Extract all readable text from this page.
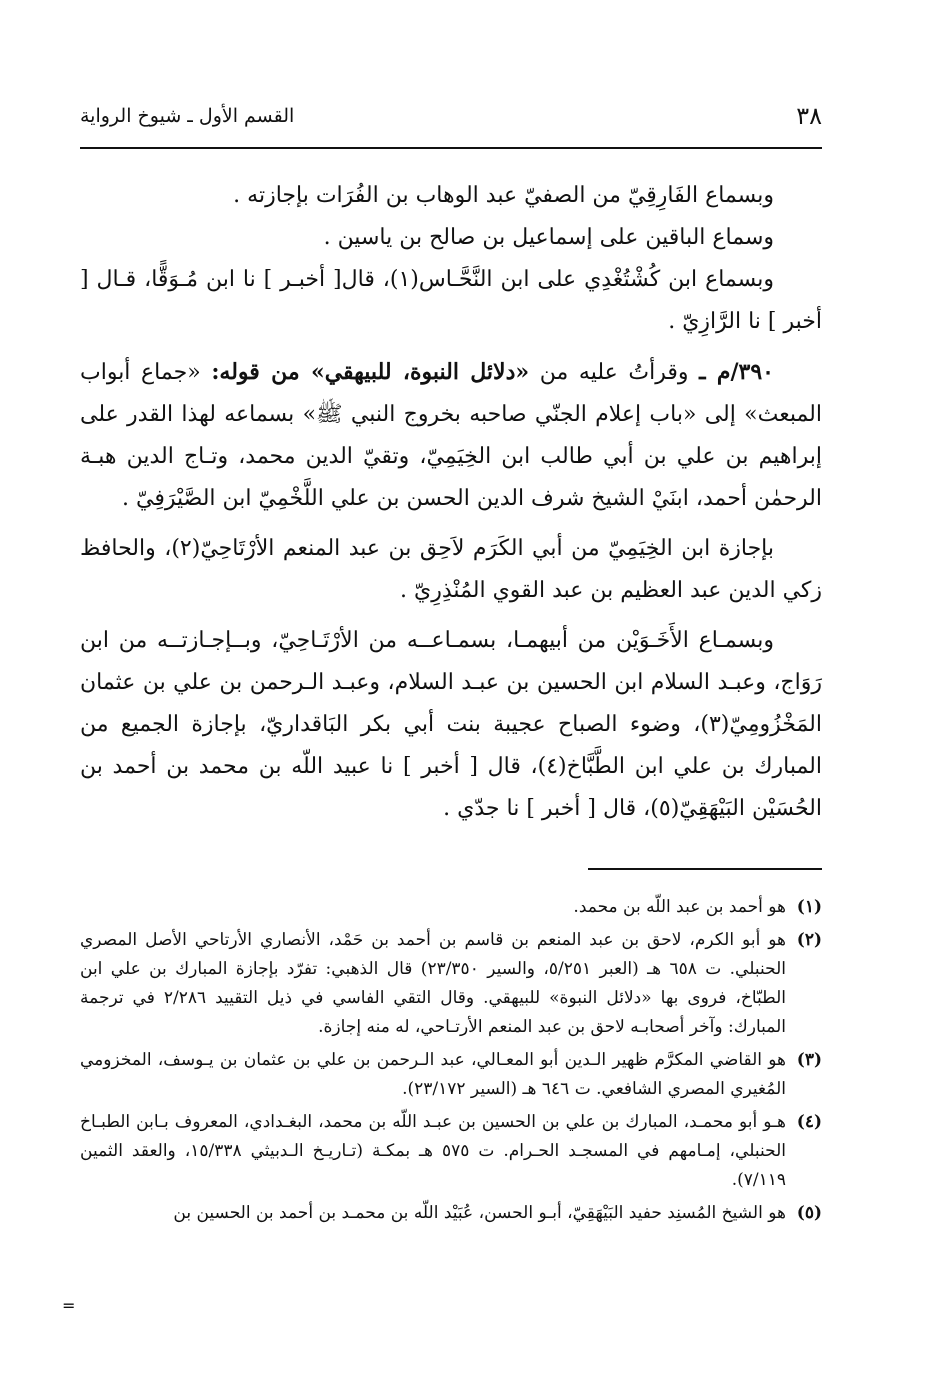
٣٨
القسم الأول ـ شيوخ الرواية

وبسماع الفَارِقِيّ من الصفيّ عبد الوهاب بن الفُرَات بإجازته .

وسماع الباقين على إسماعيل بن صالح بن ياسين .

وبسماع ابن كُشْتُغْدِي على ابن النَّحَّـاس(١)، قال[ أخبـر ] نا ابن مُـوَقًّا، قـال [ أخبر ] نا الرَّازِيّ .

٣٩٠/م ـ وقرأتُ عليه من «دلائل النبوة، للبيهقي» من قوله: «جماع أبواب المبعث» إلى «باب إعلام الجنّي صاحبه بخروج النبي ﷺ» بسماعه لهذا القدر على إبراهيم بن علي بن أبي طالب ابن الخِيَمِيّ، وتقيّ الدين محمد، وتـاج الدين هبـة الرحمٰن أحمد، ابنَيْ الشيخ شرف الدين الحسن بن علي اللَّخْمِيّ ابن الصَّيْرَفِيّ .

بإجازة ابن الخِيَمِيّ من أبي الكَرَم لاَحِق بن عبد المنعم الأرْتَاحِيّ(٢)، والحافظ زكي الدين عبد العظيم بن عبد القوي المُنْذِرِيّ .

وبسمـاع الأَخَـوَيْن من أبيهمـا، بسمـاعــه من الأرْتَـاحِيّ، وبــإجـازتــه من ابن رَوَاج، وعبـد السلام ابن الحسين بن عبـد السلام، وعبـد الـرحمن بن علي بن عثمان المَخْزُومِيّ(٣)، وضوء الصباح عجيبة بنت أبي بكر البَاقداريّ، بإجازة الجميع من المبارك بن علي ابن الطَّبَّاخ(٤)، قال [ أخبر ] نا عبيد اللّه بن محمد بن أحمد بن الحُسَيْن البَيْهَقِيّ(٥)، قال [ أخبر ] نا جدّي .

(١)
هو أحمد بن عبد اللّه بن محمد.
(٢)
هو أبو الكرم، لاحق بن عبد المنعم بن قاسم بن أحمد بن حَمْد، الأنصاري الأرتاحي الأصل المصري الحنبلي. ت ٦٥٨ هـ (العبر ٥/٢٥١، والسير ٢٣/٣٥٠) قال الذهبي: تفرّد بإجازة المبارك بن علي ابن الطبّاخ، فروى بها «دلائل النبوة» للبيهقي. وقال التقي الفاسي في ذيل التقييد ٢/٢٨٦ في ترجمة المبارك: وآخر أصحابـه لاحق بن عبد المنعم الأرتـاحي، له منه إجازة.
(٣)
هو القاضي المكرَّم ظهير الـدين أبو المعـالي، عبد الـرحمن بن علي بن عثمان بن يـوسف، المخزومي المُغيري المصري الشافعي. ت ٦٤٦ هـ (السير ٢٣/١٧٢).
(٤)
هـو أبو محمـد، المبارك بن علي بن الحسين بن عبـد اللّه بن محمد، البغـدادي، المعروف بـابن الطبـاخ الحنبلي، إمـامهم في المسجـد الحـرام. ت ٥٧٥ هـ بمكـة (تـاريـخ الـدبيثي ١٥/٣٣٨، والعقد الثمين ٧/١١٩).
(٥)
هو الشيخ المُسنِد حفيد البَيْهَقِيّ، أبـو الحسن، عُبَيْد اللّه بن محمـد بن أحمد بن الحسين بن
=
